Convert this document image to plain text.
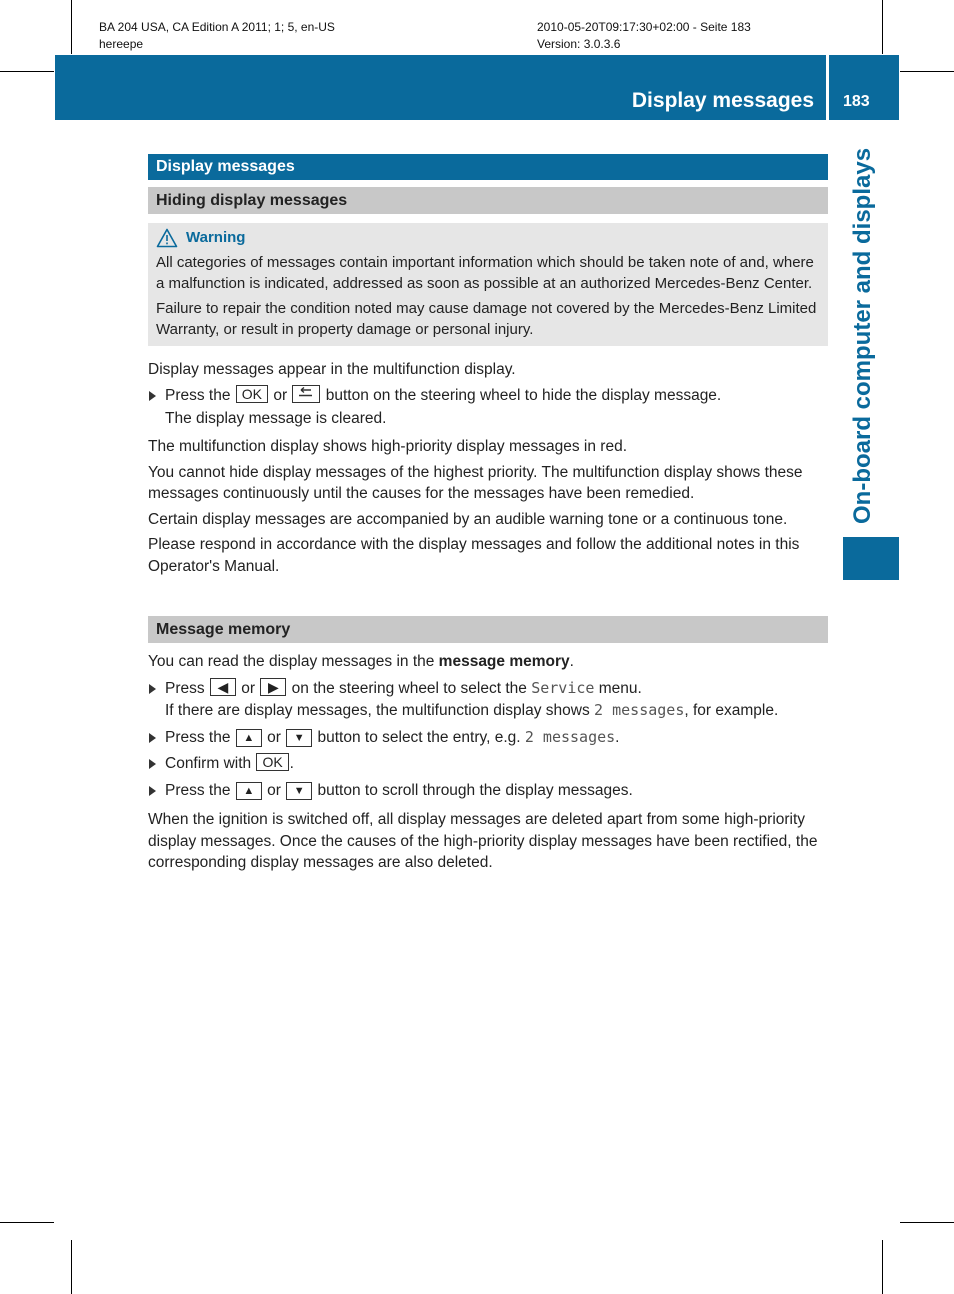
BA 204 USA, CA Edition A 2011; 1; 5, en-US
hereepe
2010-05-20T09:17:30+02:00 - Seite 183
Version: 3.0.3.6
Display messages 183
On-board computer and displays
Display messages
Hiding display messages
Warning

All categories of messages contain important information which should be taken note of and, where a malfunction is indicated, addressed as soon as possible at an authorized Mercedes-Benz Center.

Failure to repair the condition noted may cause damage not covered by the Mercedes-Benz Limited Warranty, or result in property damage or personal injury.

Display messages appear in the multifunction display.

Press the OK or  button on the steering wheel to hide the display message.
The display message is cleared.

The multifunction display shows high-priority display messages in red.

You cannot hide display messages of the highest priority. The multifunction display shows these messages continuously until the causes for the messages have been remedied.

Certain display messages are accompanied by an audible warning tone or a continuous tone.

Please respond in accordance with the display messages and follow the additional notes in this Operator's Manual.

Message memory

You can read the display messages in the message memory.

Press ◀ or ▶ on the steering wheel to select the Service menu.
If there are display messages, the multifunction display shows 2 messages, for example.
Press the ▲ or ▼ button to select the entry, e.g. 2 messages.
Confirm with OK .
Press the ▲ or ▼ button to scroll through the display messages.

When the ignition is switched off, all display messages are deleted apart from some high-priority display messages. Once the causes of the high-priority display messages have been rectified, the corresponding display messages are also deleted.
